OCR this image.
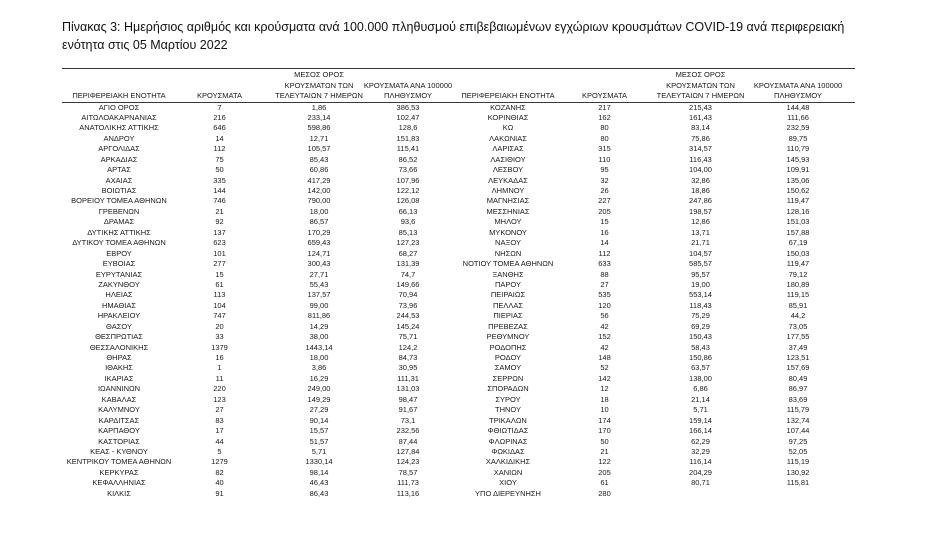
Πίνακας 3: Ημερήσιος αριθμός και κρούσματα ανά 100.000 πληθυσμού επιβεβαιωμένων εγχώριων κρουσμάτων COVID-19 ανά περιφερειακή ενότητα στις 05 Μαρτίου 2022
ΠΕΡΙΦΕΡΕΙΑΚΗ ΕΝΟΤΗΤΑ	ΚΡΟΥΣΜΑΤΑ
ΜΕΣΟΣ ΟΡΟΣ
ΚΡΟΥΣΜΑΤΩΝ ΤΩΝ
ΤΕΛΕΥΤΑΙΩΝ 7 ΗΜΕΡΩΝ
ΚΡΟΥΣΜΑΤΑ ΑΝΑ 100000
ΠΛΗΘΥΣΜΟΥ	ΠΕΡΙΦΕΡΕΙΑΚΗ ΕΝΟΤΗΤΑ	ΚΡΟΥΣΜΑΤΑ
ΜΕΣΟΣ ΟΡΟΣ
ΚΡΟΥΣΜΑΤΩΝ ΤΩΝ
ΤΕΛΕΥΤΑΙΩΝ 7 ΗΜΕΡΩΝ
ΚΡΟΥΣΜΑΤΑ ΑΝΑ 100000
ΠΛΗΘΥΣΜΟΥ
ΑΓΙΟ ΟΡΟΣ	7	1,86	386,53	ΚΟΖΑΝΗΣ	217	215,43	144,48
ΑΙΤΩΛΟΑΚΑΡΝΑΝΙΑΣ	216	233,14	102,47	ΚΟΡΙΝΘΙΑΣ	162	161,43	111,66
ΑΝΑΤΟΛΙΚΗΣ ΑΤΤΙΚΗΣ	646	598,86	128,6	ΚΩ	80	83,14	232,59
ΑΝΔΡΟΥ	14	12,71	151,83	ΛΑΚΩΝΙΑΣ	80	75,86	89,75
ΑΡΓΟΛΙΔΑΣ	112	105,57	115,41	ΛΑΡΙΣΑΣ	315	314,57	110,79
ΑΡΚΑΔΙΑΣ	75	85,43	86,52	ΛΑΣΙΘΙΟΥ	110	116,43	145,93
ΑΡΤΑΣ	50	60,86	73,66	ΛΕΣΒΟΥ	95	104,00	109,91
ΑΧΑΙΑΣ	335	417,29	107,96	ΛΕΥΚΑΔΑΣ	32	32,86	135,06
ΒΟΙΩΤΙΑΣ	144	142,00	122,12	ΛΗΜΝΟΥ	26	18,86	150,62
ΒΟΡΕΙΟΥ ΤΟΜΕΑ ΑΘΗΝΩΝ	746	790,00	126,08	ΜΑΓΝΗΣΙΑΣ	227	247,86	119,47
ΓΡΕΒΕΝΩΝ	21	18,00	66,13	ΜΕΣΣΗΝΙΑΣ	205	198,57	128,16
ΔΡΑΜΑΣ	92	86,57	93,6	ΜΗΛΟΥ	15	12,86	151,03
ΔΥΤΙΚΗΣ ΑΤΤΙΚΗΣ	137	170,29	85,13	ΜΥΚΟΝΟΥ	16	13,71	157,88
ΔΥΤΙΚΟΥ ΤΟΜΕΑ ΑΘΗΝΩΝ	623	659,43	127,23	ΝΑΞΟΥ	14	21,71	67,19
ΕΒΡΟΥ	101	124,71	68,27	ΝΗΣΩΝ	112	104,57	150,03
ΕΥΒΟΙΑΣ	277	300,43	131,39	ΝΟΤΙΟΥ ΤΟΜΕΑ ΑΘΗΝΩΝ	633	585,57	119,47
ΕΥΡΥΤΑΝΙΑΣ	15	27,71	74,7	ΞΑΝΘΗΣ	88	95,57	79,12
ΖΑΚΥΝΘΟΥ	61	55,43	149,66	ΠΑΡΟΥ	27	19,00	180,89
ΗΛΕΙΑΣ	113	137,57	70,94	ΠΕΙΡΑΙΩΣ	535	553,14	119,15
ΗΜΑΘΙΑΣ	104	99,00	73,96	ΠΕΛΛΑΣ	120	118,43	85,91
ΗΡΑΚΛΕΙΟΥ	747	811,86	244,53	ΠΙΕΡΙΑΣ	56	75,29	44,2
ΘΑΣΟΥ	20	14,29	145,24	ΠΡΕΒΕΖΑΣ	42	69,29	73,05
ΘΕΣΠΡΩΤΙΑΣ	33	38,00	75,71	ΡΕΘΥΜΝΟΥ	152	150,43	177,55
ΘΕΣΣΑΛΟΝΙΚΗΣ	1379	1443,14	124,2	ΡΟΔΟΠΗΣ	42	58,43	37,49
ΘΗΡΑΣ	16	18,00	84,73	ΡΟΔΟΥ	148	150,86	123,51
ΙΘΑΚΗΣ	1	3,86	30,95	ΣΑΜΟΥ	52	63,57	157,69
ΙΚΑΡΙΑΣ	11	16,29	111,31	ΣΕΡΡΩΝ	142	138,00	80,49
ΙΩΑΝΝΙΝΩΝ	220	249,00	131,03	ΣΠΟΡΑΔΩΝ	12	6,86	86,97
ΚΑΒΑΛΑΣ	123	149,29	98,47	ΣΥΡΟΥ	18	21,14	83,69
ΚΑΛΥΜΝΟΥ	27	27,29	91,67	ΤΗΝΟΥ	10	5,71	115,79
ΚΑΡΔΙΤΣΑΣ	83	90,14	73,1	ΤΡΙΚΑΛΩΝ	174	159,14	132,74
ΚΑΡΠΑΘΟΥ	17	15,57	232,56	ΦΘΙΩΤΙΔΑΣ	170	166,14	107,44
ΚΑΣΤΟΡΙΑΣ	44	51,57	87,44	ΦΛΩΡΙΝΑΣ	50	62,29	97,25
ΚΕΑΣ - ΚΥΘΝΟΥ	5	5,71	127,84	ΦΩΚΙΔΑΣ	21	32,29	52,05
ΚΕΝΤΡΙΚΟΥ ΤΟΜΕΑ ΑΘΗΝΩΝ	1279	1330,14	124,23	ΧΑΛΚΙΔΙΚΗΣ	122	116,14	115,19
ΚΕΡΚΥΡΑΣ	82	98,14	78,57	ΧΑΝΙΩΝ	205	204,29	130,92
ΚΕΦΑΛΛΗΝΙΑΣ	40	46,43	111,73	ΧΙΟΥ	61	80,71	115,81
ΚΙΛΚΙΣ	91	86,43	113,16	ΥΠΟ ΔΙΕΡΕΥΝΗΣΗ	280
